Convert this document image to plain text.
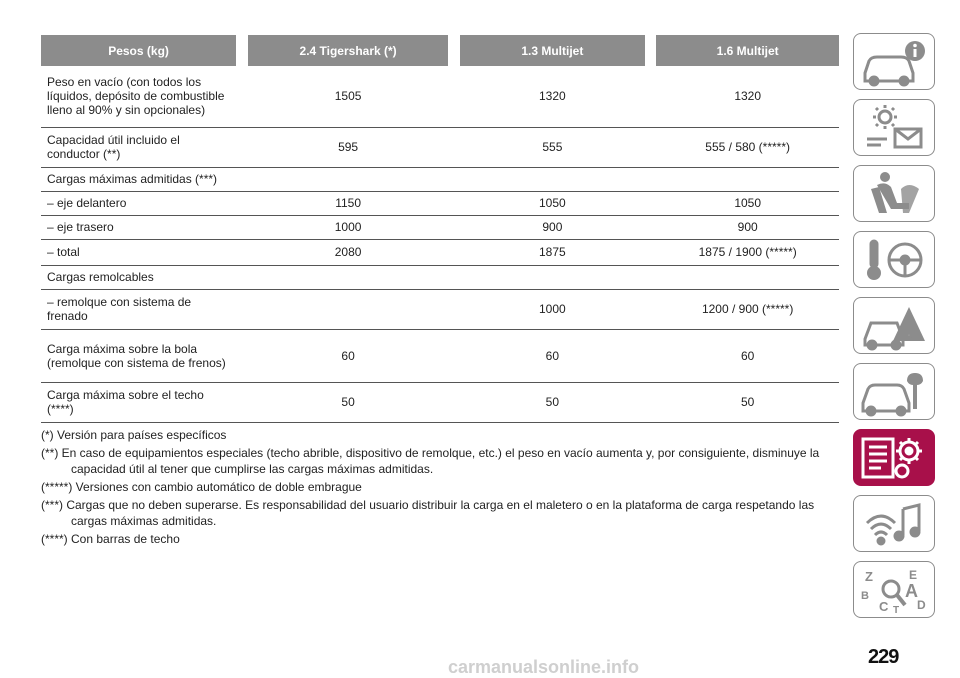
Pesos (kg)		2.4 Tigershark (*)		1.3 Multijet		1.6 Multijet
Peso en vacío (con todos los líquidos, depósito de combustible lleno al 90% y sin opcionales)		1505		1320		1320
Capacidad útil incluido el conductor (**)		595		555		555 / 580 (*****)
Cargas máximas admitidas (***)						
– eje delantero		1150		1050		1050
– eje trasero		1000		900		900
– total		2080		1875		1875 / 1900 (*****)
Cargas remolcables						
– remolque con sistema de frenado				1000		1200 / 900 (*****)
Carga máxima sobre la bola (remolque con sistema de frenos)		60		60		60
Carga máxima sobre el techo (****)		50		50		50

(*) Versión para países específicos

(**) En caso de equipamientos especiales (techo abrible, dispositivo de remolque, etc.) el peso en vacío aumenta y, por consiguiente, disminuye la capacidad útil al tener que cumplirse las cargas máximas admitidas.

(*****) Versiones con cambio automático de doble embrague

(***) Cargas que no deben superarse. Es responsabilidad del usuario distribuir la carga en el maletero o en la plataforma de carga respetando las cargas máximas admitidas.

(****) Con barras de techo

Z	E
B A
C D
T
229
carmanualsonline.info
